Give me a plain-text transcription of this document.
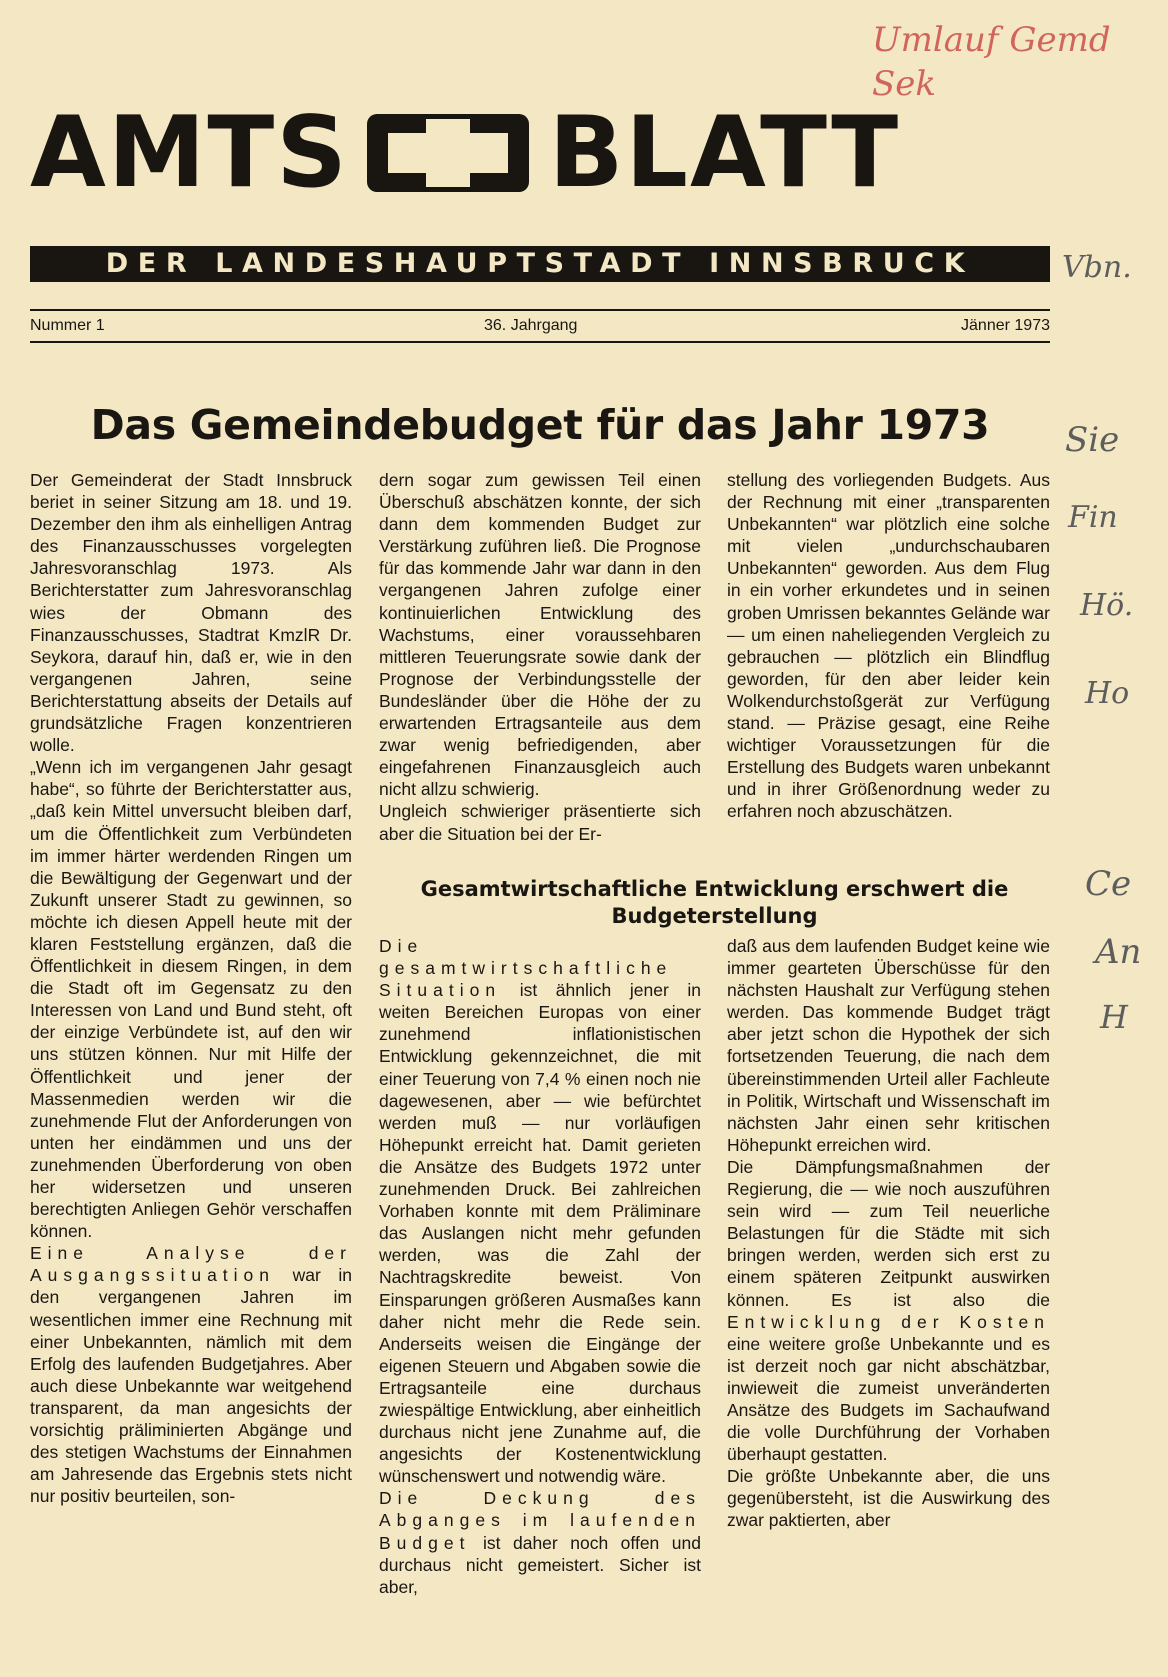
AMTS BLATT
DER LANDESHAUPTSTADT INNSBRUCK
Nummer 1	36. Jahrgang	Jänner 1973
Das Gemeindebudget für das Jahr 1973

Der Gemeinderat der Stadt Innsbruck beriet in seiner Sitzung am 18. und 19. Dezember den ihm als einhelligen Antrag des Finanzausschusses vorgelegten Jahresvoranschlag 1973. Als Berichterstatter zum Jahresvoranschlag wies der Obmann des Finanzausschusses, Stadtrat KmzlR Dr. Seykora, darauf hin, daß er, wie in den vergangenen Jahren, seine Berichterstattung abseits der Details auf grundsätzliche Fragen konzentrieren wolle.

„Wenn ich im vergangenen Jahr gesagt habe“, so führte der Berichterstatter aus, „daß kein Mittel unversucht bleiben darf, um die Öffentlichkeit zum Verbündeten im immer härter werdenden Ringen um die Bewältigung der Gegenwart und der Zukunft unserer Stadt zu gewinnen, so möchte ich diesen Appell heute mit der klaren Feststellung ergänzen, daß die Öffentlichkeit in diesem Ringen, in dem die Stadt oft im Gegensatz zu den Interessen von Land und Bund steht, oft der einzige Verbündete ist, auf den wir uns stützen können. Nur mit Hilfe der Öffentlichkeit und jener der Massenmedien werden wir die zunehmende Flut der Anforderungen von unten her eindämmen und uns der zunehmenden Überforderung von oben her widersetzen und unseren berechtigten Anliegen Gehör verschaffen können.

Eine Analyse der Ausgangssituation war in den vergangenen Jahren im wesentlichen immer eine Rechnung mit einer Unbekannten, nämlich mit dem Erfolg des laufenden Budgetjahres. Aber auch diese Unbekannte war weitgehend transparent, da man angesichts der vorsichtig präliminierten Abgänge und des stetigen Wachstums der Einnahmen am Jahresende das Ergebnis stets nicht nur positiv beurteilen, son-

dern sogar zum gewissen Teil einen Überschuß abschätzen konnte, der sich dann dem kommenden Budget zur Verstärkung zuführen ließ. Die Prognose für das kommende Jahr war dann in den vergangenen Jahren zufolge einer kontinuierlichen Entwicklung des Wachstums, einer voraussehbaren mittleren Teuerungsrate sowie dank der Prognose der Verbindungsstelle der Bundesländer über die Höhe der zu erwartenden Ertragsanteile aus dem zwar wenig befriedigenden, aber eingefahrenen Finanzausgleich auch nicht allzu schwierig.

Ungleich schwieriger präsentierte sich aber die Situation bei der Er-

stellung des vorliegenden Budgets. Aus der Rechnung mit einer „transparenten Unbekannten“ war plötzlich eine solche mit vielen „undurchschaubaren Unbekannten“ geworden. Aus dem Flug in ein vorher erkundetes und in seinen groben Umrissen bekanntes Gelände war — um einen naheliegenden Vergleich zu gebrauchen — plötzlich ein Blindflug geworden, für den aber leider kein Wolkendurchstoßgerät zur Verfügung stand. — Präzise gesagt, eine Reihe wichtiger Voraussetzungen für die Erstellung des Budgets waren unbekannt und in ihrer Größenordnung weder zu erfahren noch abzuschätzen.

Gesamtwirtschaftliche Entwicklung erschwert die Budgeterstellung

Die gesamtwirtschaftliche Situation ist ähnlich jener in weiten Bereichen Europas von einer zunehmend inflationistischen Entwicklung gekennzeichnet, die mit einer Teuerung von 7,4 % einen noch nie dagewesenen, aber — wie befürchtet werden muß — nur vorläufigen Höhepunkt erreicht hat. Damit gerieten die Ansätze des Budgets 1972 unter zunehmenden Druck. Bei zahlreichen Vorhaben konnte mit dem Präliminare das Auslangen nicht mehr gefunden werden, was die Zahl der Nachtragskredite beweist. Von Einsparungen größeren Ausmaßes kann daher nicht mehr die Rede sein. Anderseits weisen die Eingänge der eigenen Steuern und Abgaben sowie die Ertragsanteile eine durchaus zwiespältige Entwicklung, aber einheitlich durchaus nicht jene Zunahme auf, die angesichts der Kostenentwicklung wünschenswert und notwendig wäre.

Die Deckung des Abganges im laufenden Budget ist daher noch offen und durchaus nicht gemeistert. Sicher ist aber,

daß aus dem laufenden Budget keine wie immer gearteten Überschüsse für den nächsten Haushalt zur Verfügung stehen werden. Das kommende Budget trägt aber jetzt schon die Hypothek der sich fortsetzenden Teuerung, die nach dem übereinstimmenden Urteil aller Fachleute in Politik, Wirtschaft und Wissenschaft im nächsten Jahr einen sehr kritischen Höhepunkt erreichen wird.

Die Dämpfungsmaßnahmen der Regierung, die — wie noch auszuführen sein wird — zum Teil neuerliche Belastungen für die Städte mit sich bringen werden, werden sich erst zu einem späteren Zeitpunkt auswirken können. Es ist also die Entwicklung der Kosten eine weitere große Unbekannte und es ist derzeit noch gar nicht abschätzbar, inwieweit die zumeist unveränderten Ansätze des Budgets im Sachaufwand die volle Durchführung der Vorhaben überhaupt gestatten.

Die größte Unbekannte aber, die uns gegenübersteht, ist die Auswirkung des zwar paktierten, aber

Umlauf Gemd Sek
Vbn.
Sie
Fin
Hö.
Ho
Ce
An
H
